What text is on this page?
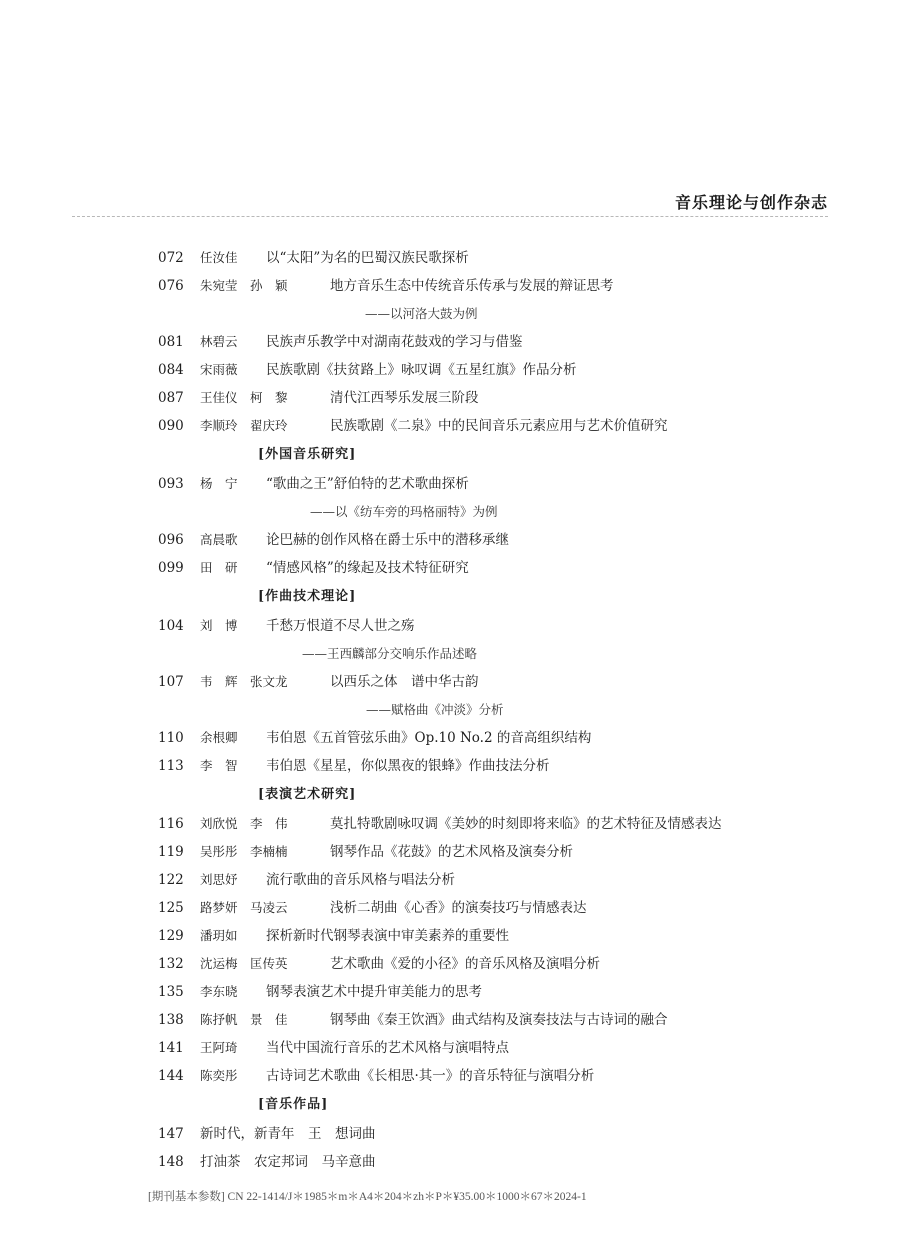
音乐理论与创作杂志
072 任汝佳 以“太阳”为名的巴蜀汉族民歌探析
076 朱宛莹　孙　颖	地方音乐生态中传统音乐传承与发展的辩证思考
——以河洛大鼓为例
081 林碧云 民族声乐教学中对湖南花鼓戏的学习与借鉴
084 宋雨薇 民族歌剧《扶贫路上》咏叹调《五星红旗》作品分析
087 王佳仪　柯　黎	清代江西琴乐发展三阶段
090 李顺玲　翟庆玲	民族歌剧《二泉》中的民间音乐元素应用与艺术价值研究
[外国音乐研究]
093 杨　宁 “歌曲之王”舒伯特的艺术歌曲探析
——以《纺车旁的玛格丽特》为例
096 高晨歌 论巴赫的创作风格在爵士乐中的潜移承继
099 田　研 “情感风格”的缘起及技术特征研究
[作曲技术理论]
104 刘　博 千愁万恨道不尽人世之殇
——王西麟部分交响乐作品述略
107 韦　辉　张文龙	以西乐之体　谱中华古韵
——赋格曲《冲淡》分析
110 余根卿 韦伯恩《五首管弦乐曲》Op.10 No.2 的音高组织结构
113 李　智 韦伯恩《星星，你似黑夜的银蜂》作曲技法分析
[表演艺术研究]
116 刘欣悦　李　伟	莫扎特歌剧咏叹调《美妙的时刻即将来临》的艺术特征及情感表达
119 吴彤彤　李楠楠	钢琴作品《花鼓》的艺术风格及演奏分析
122 刘思妤 流行歌曲的音乐风格与唱法分析
125 路梦妍　马凌云	浅析二胡曲《心香》的演奏技巧与情感表达
129 潘玥如 探析新时代钢琴表演中审美素养的重要性
132 沈运梅　匡传英	艺术歌曲《爱的小径》的音乐风格及演唱分析
135 李东晓 钢琴表演艺术中提升审美能力的思考
138 陈抒帆　景　佳	钢琴曲《秦王饮酒》曲式结构及演奏技法与古诗词的融合
141 王阿琦 当代中国流行音乐的艺术风格与演唱特点
144 陈奕彤 古诗词艺术歌曲《长相思·其一》的音乐特征与演唱分析
[音乐作品]
147 新时代，新青年　王　想词曲
148 打油茶　农定邦词　马辛意曲
[期刊基本参数] CN 22-1414/J＊1985＊m＊A4＊204＊zh＊P＊¥35.00＊1000＊67＊2024-1
